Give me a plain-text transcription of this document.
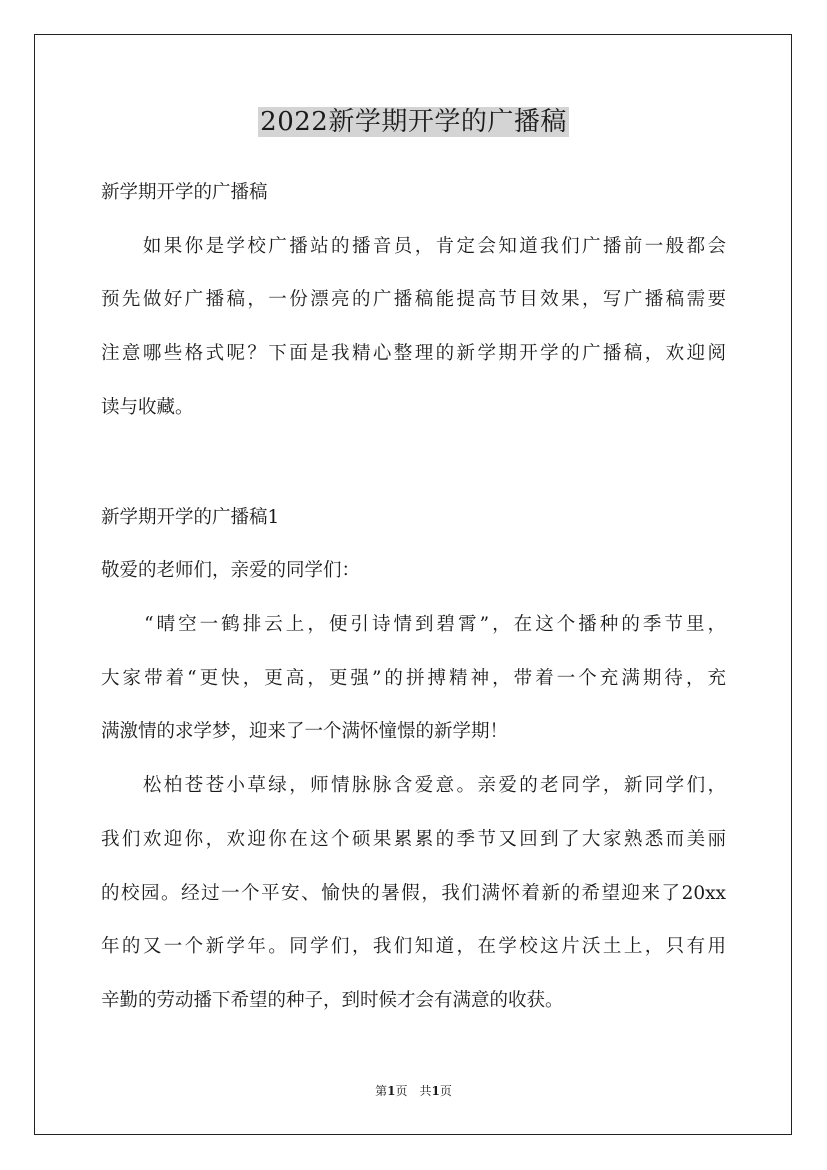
2022新学期开学的广播稿
新学期开学的广播稿
　　如果你是学校广播站的播音员，肯定会知道我们广播前一般都会
预先做好广播稿，一份漂亮的广播稿能提高节目效果，写广播稿需要
注意哪些格式呢？下面是我精心整理的新学期开学的广播稿，欢迎阅
读与收藏。
新学期开学的广播稿1
敬爱的老师们，亲爱的同学们：
　　“晴空一鹤排云上，便引诗情到碧霄”，在这个播种的季节里，
大家带着“更快，更高，更强”的拼搏精神，带着一个充满期待，充
满激情的求学梦，迎来了一个满怀憧憬的新学期！
　　松柏苍苍小草绿，师情脉脉含爱意。亲爱的老同学，新同学们，
我们欢迎你，欢迎你在这个硕果累累的季节又回到了大家熟悉而美丽
的校园。经过一个平安、愉快的暑假，我们满怀着新的希望迎来了20xx
年的又一个新学年。同学们，我们知道，在学校这片沃土上，只有用
辛勤的劳动播下希望的种子，到时候才会有满意的收获。
第1页　共1页
